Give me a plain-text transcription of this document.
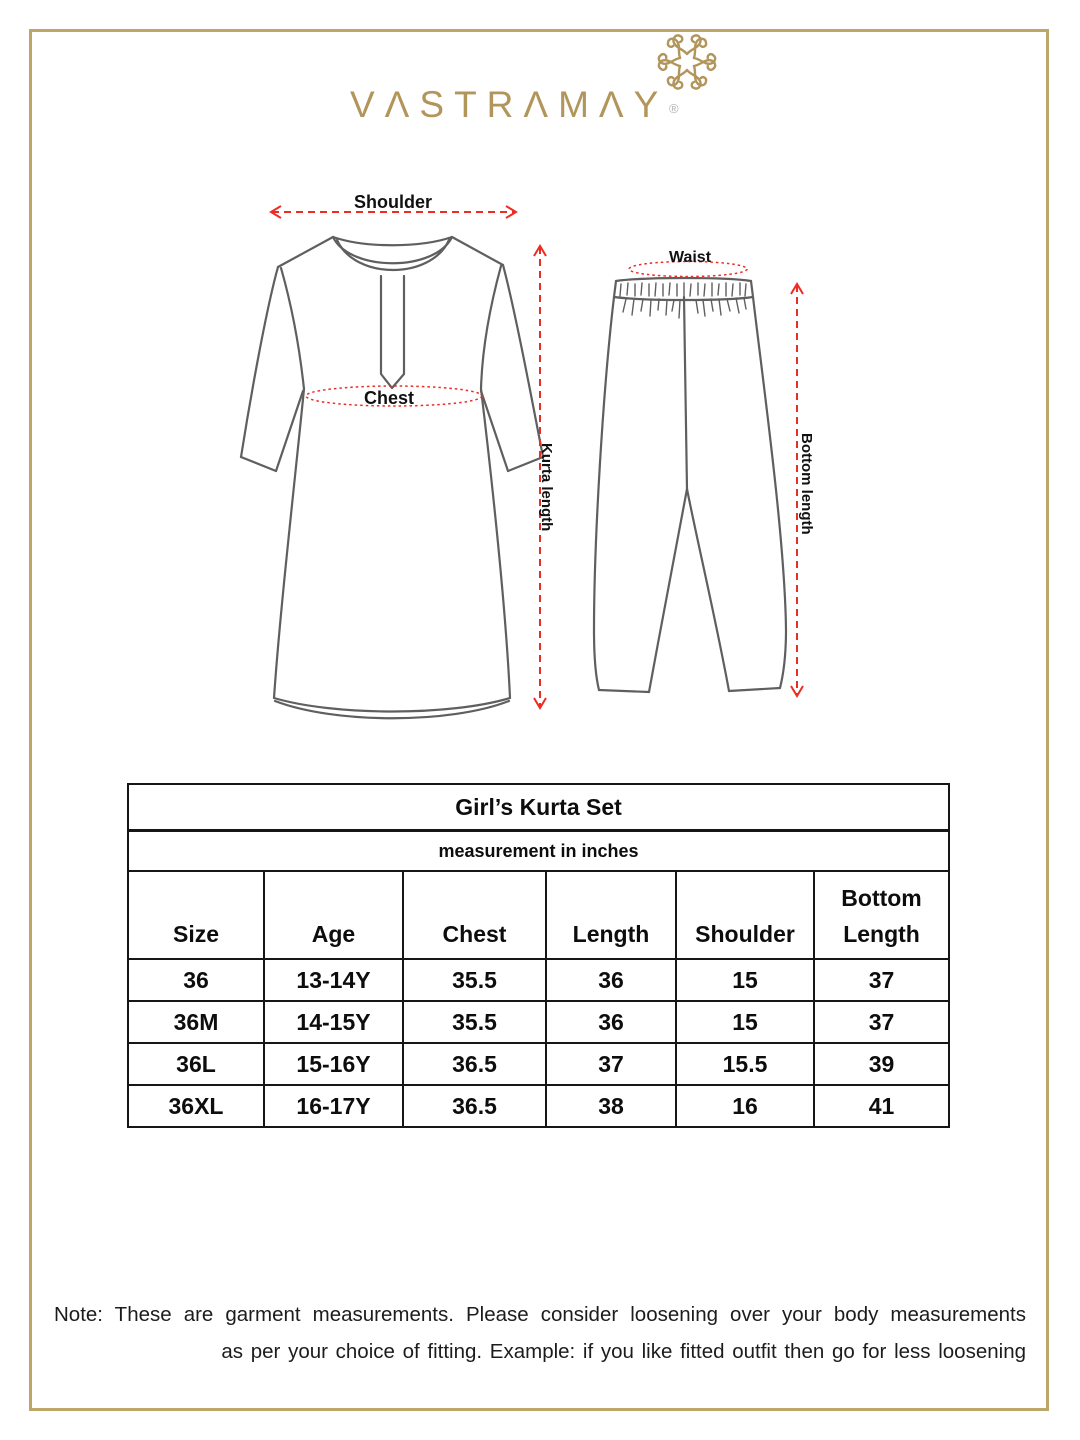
VΛSTRΛMΛY ®
Shoulder
Chest
Kurta length
Waist
Bottom length
Girl’s Kurta Set					
measurement in inches					
Size	Age	Chest	Length	Shoulder	Bottom Length
36	13-14Y	35.5	36	15	37
36M	14-15Y	35.5	36	15	37
36L	15-16Y	36.5	37	15.5	39
36XL	16-17Y	36.5	38	16	41
Note: These are garment measurements. Please consider loosening over your body measurements
as per your choice of fitting. Example: if you like fitted outfit then go for less loosening
